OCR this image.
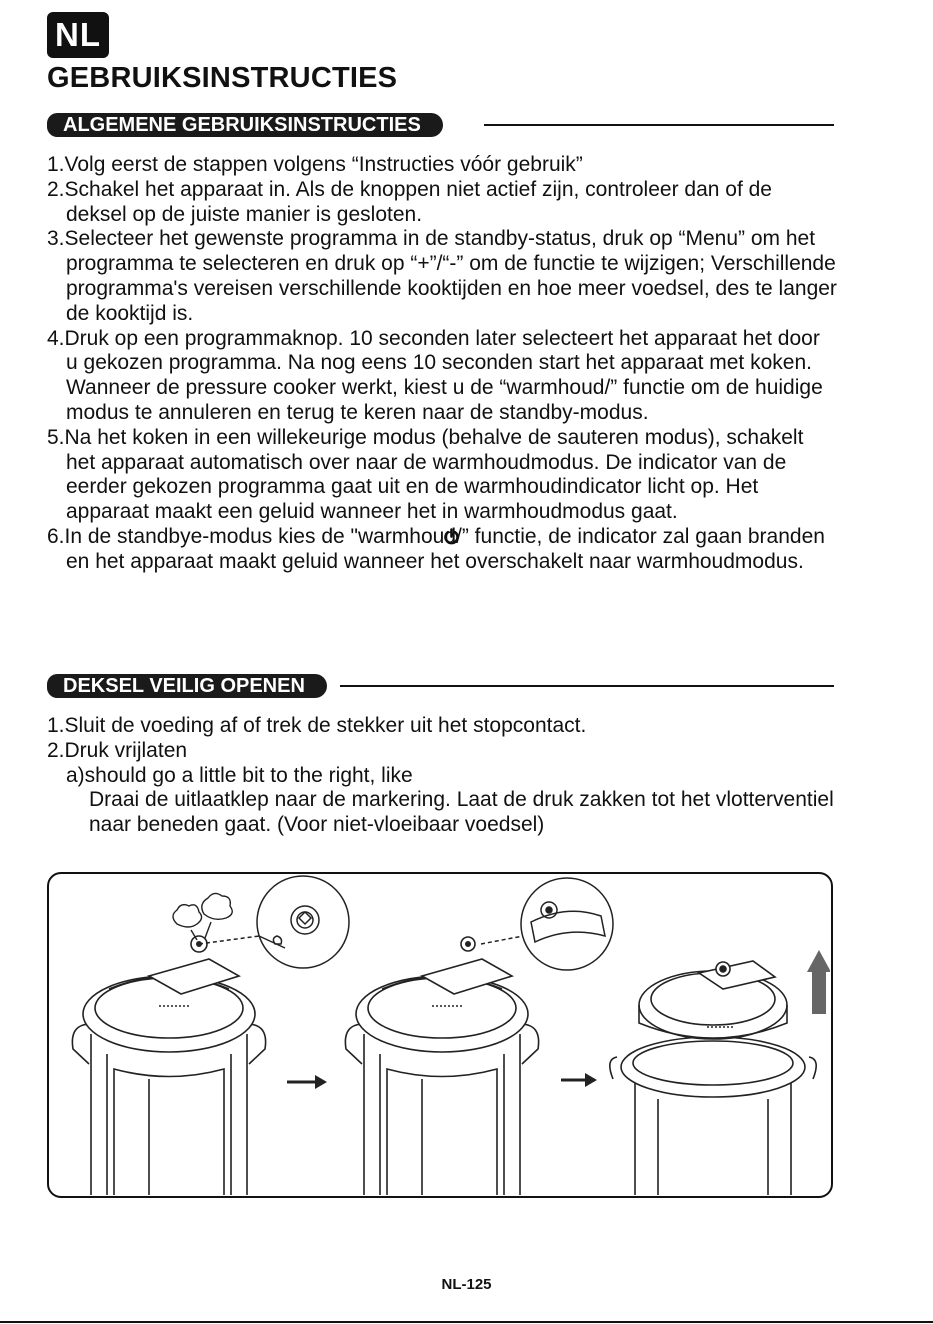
NL
GEBRUIKSINSTRUCTIES
ALGEMENE GEBRUIKSINSTRUCTIES
1.Volg eerst de stappen volgens “Instructies vóór gebruik”
2.Schakel het apparaat in. Als de knoppen niet actief zijn, controleer dan of de deksel op de juiste manier is gesloten.
3.Selecteer het gewenste programma in de standby-status, druk op “Menu” om het programma te selecteren en druk op “+”/“-” om de functie te wijzigen; Verschillende programma's vereisen verschillende kooktijden en hoe meer voedsel, des te langer de kooktijd is.
4.Druk op een programmaknop. 10 seconden later selecteert het apparaat het door u gekozen programma. Na nog eens 10 seconden start het apparaat met koken. Wanneer de pressure cooker werkt, kiest u de “warmhoud/” functie om de huidige modus te annuleren en terug te keren naar de standby-modus.
5.Na het koken in een willekeurige modus (behalve de sauteren modus), schakelt het apparaat automatisch over naar de warmhoudmodus. De indicator van de eerder gekozen programma gaat uit en de warmhoudindicator licht op. Het apparaat maakt een geluid wanneer het in warmhoudmodus gaat.
6.In de standbye-modus kies de "warmhoud/” functie, de indicator zal gaan branden en het apparaat maakt geluid wanneer het overschakelt naar warmhoudmodus.
DEKSEL VEILIG OPENEN
1.Sluit de voeding af of trek de stekker uit het stopcontact.
2.Druk vrijlaten
a)should go a little bit to the right, like
Draai de uitlaatklep naar de markering. Laat de druk zakken tot het vlotterventiel naar beneden gaat. (Voor niet-vloeibaar voedsel)
NL-125
